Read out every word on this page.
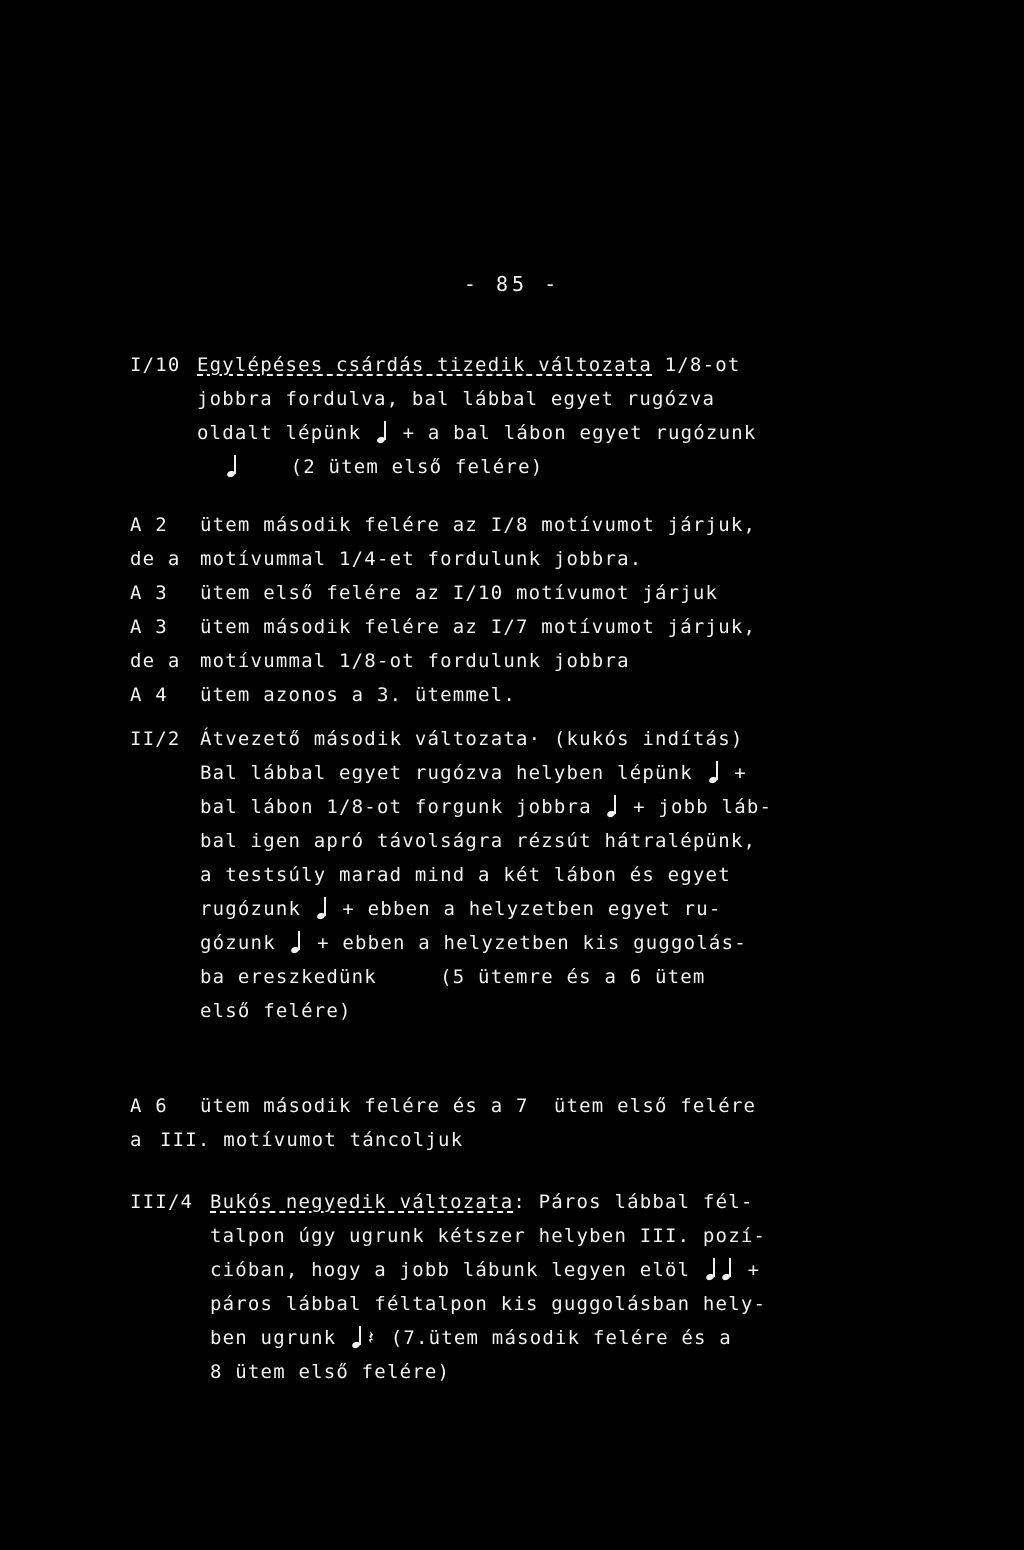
- 85 -

I/10

Egylépéses csárdás tizedik változata 1/8-ot

jobbra fordulva, bal lábbal egyet rugózva

oldalt lépünk + a bal lábon egyet rugózunk

(2 ütem első felére)

A 2

ütem második felére az I/8 motívumot járjuk,

de a

motívummal 1/4-et fordulunk jobbra.

A 3

ütem első felére az I/10 motívumot járjuk

A 3

ütem második felére az I/7 motívumot járjuk,

de a

motívummal 1/8-ot fordulunk jobbra

A 4

ütem azonos a 3. ütemmel.

II/2

Átvezető második változata· (kukós indítás)

Bal lábbal egyet rugózva helyben lépünk +

bal lábon 1/8-ot forgunk jobbra + jobb láb-

bal igen apró távolságra rézsút hátralépünk,

a testsúly marad mind a két lábon és egyet

rugózunk + ebben a helyzetben egyet ru-

gózunk + ebben a helyzetben kis guggolás-

ba ereszkedünk     (5 ütemre és a 6 ütem

első felére)

A 6

ütem második felére és a 7  ütem első felére

a

III. motívumot táncoljuk

III/4

Bukós negyedik változata: Páros lábbal fél-

talpon úgy ugrunk kétszer helyben III. pozí-

cióban, hogy a jobb lábunk legyen elöl	+

páros lábbal féltalpon kis guggolásban hely-

ben ugrunk 𝄽 (7.ütem második felére és a

8 ütem első felére)
